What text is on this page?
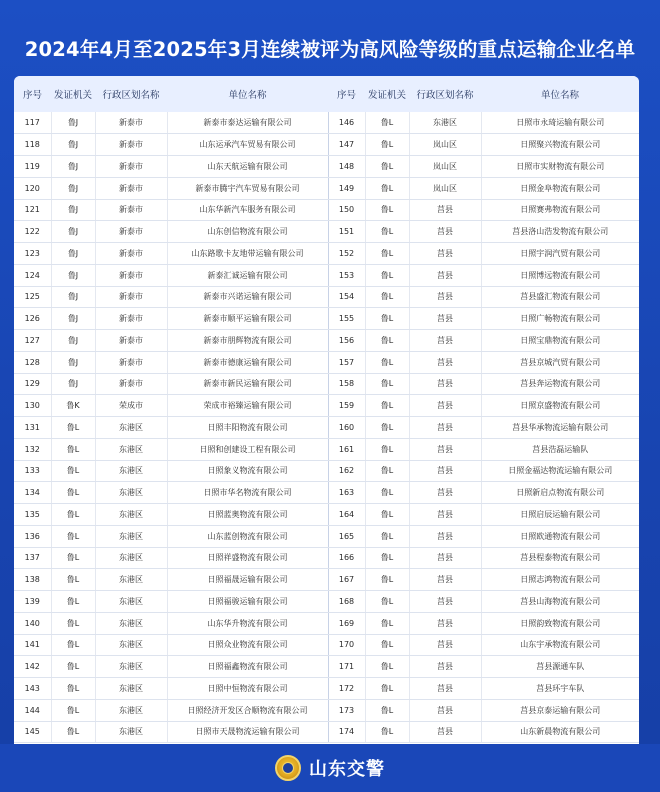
2024年4月至2025年3月连续被评为高风险等级的重点运输企业名单
序号	发证机关	行政区划名称	单位名称	序号	发证机关	行政区划名称	单位名称
117	鲁J	新泰市	新泰市泰达运输有限公司	146	鲁L	东港区	日照市永琦运输有限公司
118	鲁J	新泰市	山东运承汽车贸易有限公司	147	鲁L	岚山区	日照聚兴物流有限公司
119	鲁J	新泰市	山东天航运输有限公司	148	鲁L	岚山区	日照市实财物流有限公司
120	鲁J	新泰市	新泰市腾宇汽车贸易有限公司	149	鲁L	岚山区	日照金阜物流有限公司
121	鲁J	新泰市	山东华新汽车服务有限公司	150	鲁L	莒县	日照赛弗物流有限公司
122	鲁J	新泰市	山东创信物流有限公司	151	鲁L	莒县	莒县洛山浩发物流有限公司
123	鲁J	新泰市	山东路歌卡友地带运输有限公司	152	鲁L	莒县	日照宇润汽贸有限公司
124	鲁J	新泰市	新泰汇诚运输有限公司	153	鲁L	莒县	日照博远物流有限公司
125	鲁J	新泰市	新泰市兴诺运输有限公司	154	鲁L	莒县	莒县盛汇物流有限公司
126	鲁J	新泰市	新泰市顺平运输有限公司	155	鲁L	莒县	日照广畅物流有限公司
127	鲁J	新泰市	新泰市朋辉物流有限公司	156	鲁L	莒县	日照宝鼎物流有限公司
128	鲁J	新泰市	新泰市德康运输有限公司	157	鲁L	莒县	莒县京城汽贸有限公司
129	鲁J	新泰市	新泰市新民运输有限公司	158	鲁L	莒县	莒县奔运物流有限公司
130	鲁K	荣成市	荣成市裕臻运输有限公司	159	鲁L	莒县	日照京盛物流有限公司
131	鲁L	东港区	日照丰阳物流有限公司	160	鲁L	莒县	莒县华承物流运输有限公司
132	鲁L	东港区	日照和创建设工程有限公司	161	鲁L	莒县	莒县浩磊运输队
133	鲁L	东港区	日照象义物流有限公司	162	鲁L	莒县	日照金福达物流运输有限公司
134	鲁L	东港区	日照市华名物流有限公司	163	鲁L	莒县	日照新启点物流有限公司
135	鲁L	东港区	日照蓝奥物流有限公司	164	鲁L	莒县	日照启辰运输有限公司
136	鲁L	东港区	山东蓝创物流有限公司	165	鲁L	莒县	日照欧通物流有限公司
137	鲁L	东港区	日照祥盛物流有限公司	166	鲁L	莒县	莒县程泰物流有限公司
138	鲁L	东港区	日照福晟运输有限公司	167	鲁L	莒县	日照志鸿物流有限公司
139	鲁L	东港区	日照福骏运输有限公司	168	鲁L	莒县	莒县山海物流有限公司
140	鲁L	东港区	山东华升物流有限公司	169	鲁L	莒县	日照韵致物流有限公司
141	鲁L	东港区	日照众业物流有限公司	170	鲁L	莒县	山东宇承物流有限公司
142	鲁L	东港区	日照福鑫物流有限公司	171	鲁L	莒县	莒县源通车队
143	鲁L	东港区	日照中恒物流有限公司	172	鲁L	莒县	莒县环宇车队
144	鲁L	东港区	日照经济开发区合顺物流有限公司	173	鲁L	莒县	莒县京泰运输有限公司
145	鲁L	东港区	日照市天晟物流运输有限公司	174	鲁L	莒县	山东新晨物流有限公司
山东交警
